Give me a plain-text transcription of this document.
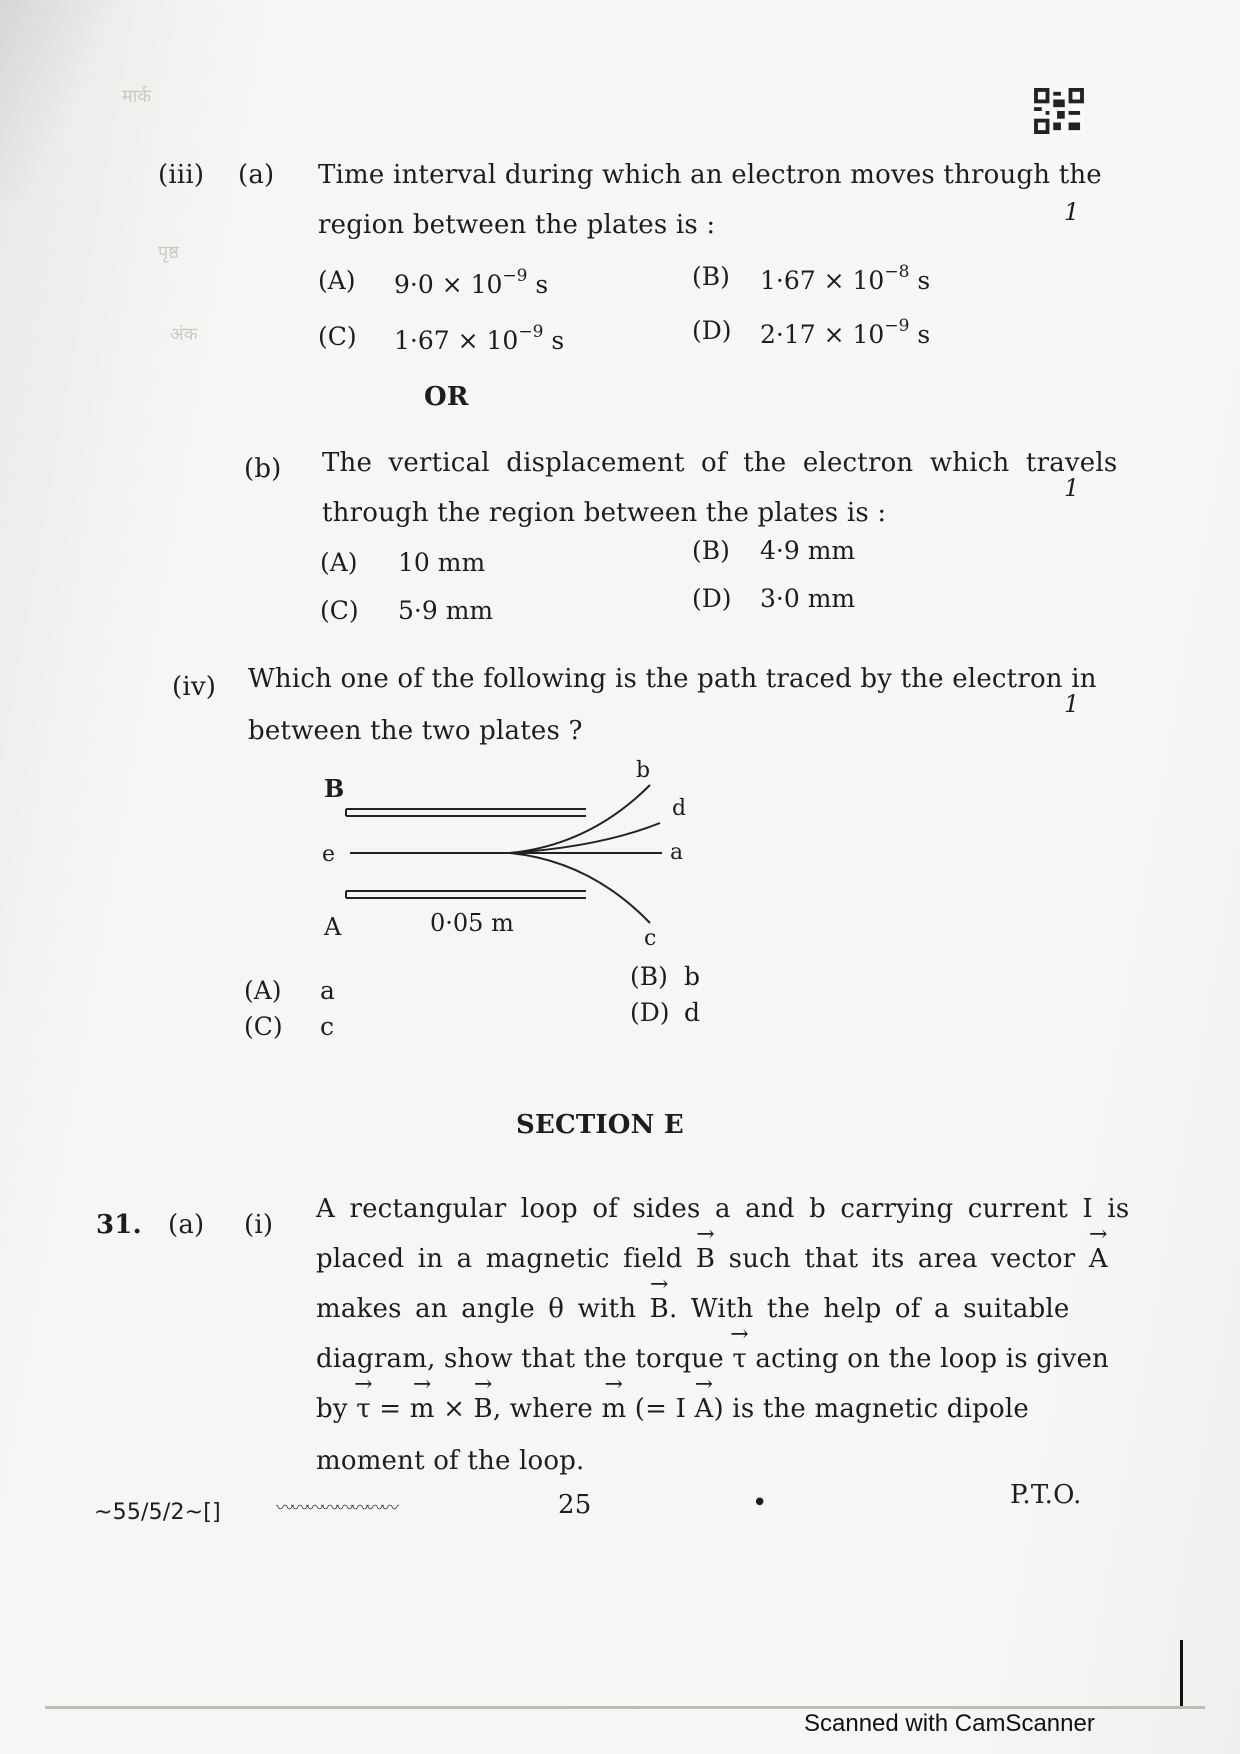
मार्क
पृष्ठ
अंक
(iii) (a) Time interval during which an electron moves through the
region between the plates is :	1
(A) $9\cdot 0 \times 10^{-9}$ s	(B) $1\cdot 67 \times 10^{-8}$ s
(C) $1\cdot 67 \times 10^{-9}$ s	(D) $2\cdot 17 \times 10^{-9}$ s
OR
(b) The vertical displacement of the electron which travels
through the region between the plates is :
1
(A) 10 mm	(B) 4·9 mm
(C) 5·9 mm	(D) 3·0 mm
(iv) Which one of the following is the path traced by the electron in
between the two plates ?
1
B
e
A	0·05 m
b
d
a
c
(A) a
(C) c
(B) b
(D) d
SECTION E
31. (a) (i)
A rectangular loop of sides a and b carrying current I is
placed in a magnetic field → B such that its area vector → A
makes an angle θ with → B. With the help of a suitable
diagram, show that the torque → τ acting on the loop is given
by → τ = → m × → B, where → m (= I → A) is the magnetic dipole
moment of the loop.
~55/5/2~[]	〰〰〰〰〰〰〰〰	25	•	P.T.O.
Scanned with CamScanner
